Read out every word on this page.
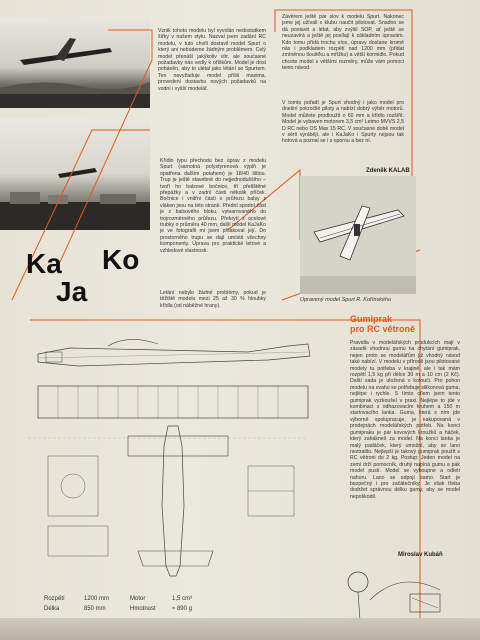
Ka
Ja
Ko

Vznik tohoto modelu byl vyvolán nedostatkem šířky v našem stylu. Nazval jsem zadání RC modelu, v tuto chvíli dostavil model Spurt o který ani nebudeme žádným problémem. Celý model přenáší jakýkoliv vítr, ale současné požadavky nás vedly k oříškům. Model je dost poháněn, aby to ulétal jako létání se Spurtem. Ten nevyžaduje model příliš maxima, provedení dostavbu nových požadavků na vodní i vyšší modelář.

Křídlo typu přechodu bez úprav z modelu Spurt (samotná polystyrenová výplň je opatřena dalším potahem) je 18/40 lištou. Trup je ještě stavebně do nejjednoduššího – tvoří ho balsové bočnice, tři přelíštěné přepážky a v zadní části několik příček. Bočnice i vnitřní části o průřezu balsy z vláken jsou na této straně. Přední spodní část je z balsového bloku, vytvarovaného do trojrozměrného průřezu. Překrytí z ocelové trubky o průměru 40 mm, další model KaJaKo je ve fotografii mi jsem přilakoval její. Do prostorného trupu se dají umístit všechny komponenty. Úprava pro praktické letové a vzhledové vlastnosti.

Letání nebylo žádné problémy, pokud je těžiště modelu mezi 25 až 30 % hloubky křídla (od náběžné hrany).

Závěrem ještě pár slov k modelu Spurt. Nakonec jsme jej užívali s klubu naučit pilotovat. Snadno se dá postavit a létat, aby zvýšil SOP, ať ještě se neuzavírá a ještě jej posílají k základním úpravám. Kdo tomu přidá trochu více, úpravy dostane kromě nás i podkladem rozpětí nad 1200 mm (přidat zmíněnou tloušťku a mřížku) a větší kormidlo. Pokud chcete model s většími rozměry, může vám pomoci tento návod.

V tomto pořadí je Spurt vhodný i jako model pro dnešní pokročilé piloty a nabízí dobrý výběr motorů. Model můžete prodloužit o 60 mm a křídlo rozšířit. Model je vybaven motorem 3,5 cm³ Letmo MVVS 2,5 D RC nebo OS Max 15 RC. V současné době model v sérii vyrábějí, ale i KaJaKo i Spurty nejsou tak hotová a poznal se i s oporou a bez ní.

Zdeněk KALAB
Upravený model Spurt R. Kořínského
Gumiprak
pro RC větroně

Pravidla v modelářských produkcích mají v zásadě vhodnou gumu na chytání gumiprak, nejen proto se modelářům již vhodný návod také nabízí. V modelu v přírodě jsou pilotované modely tu potřeba v krajině, ale i tak mám rozpětí 1,5 kg při délce 30 m a 10 cm (2 Kč). Další sada je uložená v kotouči. Pro pohon modelu na svahu se potřebuje silikonová guma, nejlépe i rychle. S tímto cílem jsem tento gumiprak vyzkoušel v praxi. Nejlépe to jde v kombinaci s odhazovacím kruhem a 150 m startovacího lanka. Guma, která s ním jde výborně spolupracuje, je nakupovaná v prodejnách modelářských potřeb. Na konci gumipraku je pár kovových kroužků a háček, který zahákneš za model. Na konci lanka je malý padáček, který umožní, aby se lano neztratilo. Nejlepší je takový gumiprak použít s RC větroni do 2 kg. Postup: Jeden model na zemi drží pomocník, druhý napíná gumu a pak model pustí. Model se vyhoupne a odletí nahoru. Lano se odpojí samo. Start je bezpečný i pro začátečníky. Je však třeba dodržet správnou délku gumy, aby se model nepoškodil.

Miroslav Kubáň
Rozpětí	1200 mm
Délka	850 mm
Motor	1,5 cm³
Hmotnost	≈ 890 g
